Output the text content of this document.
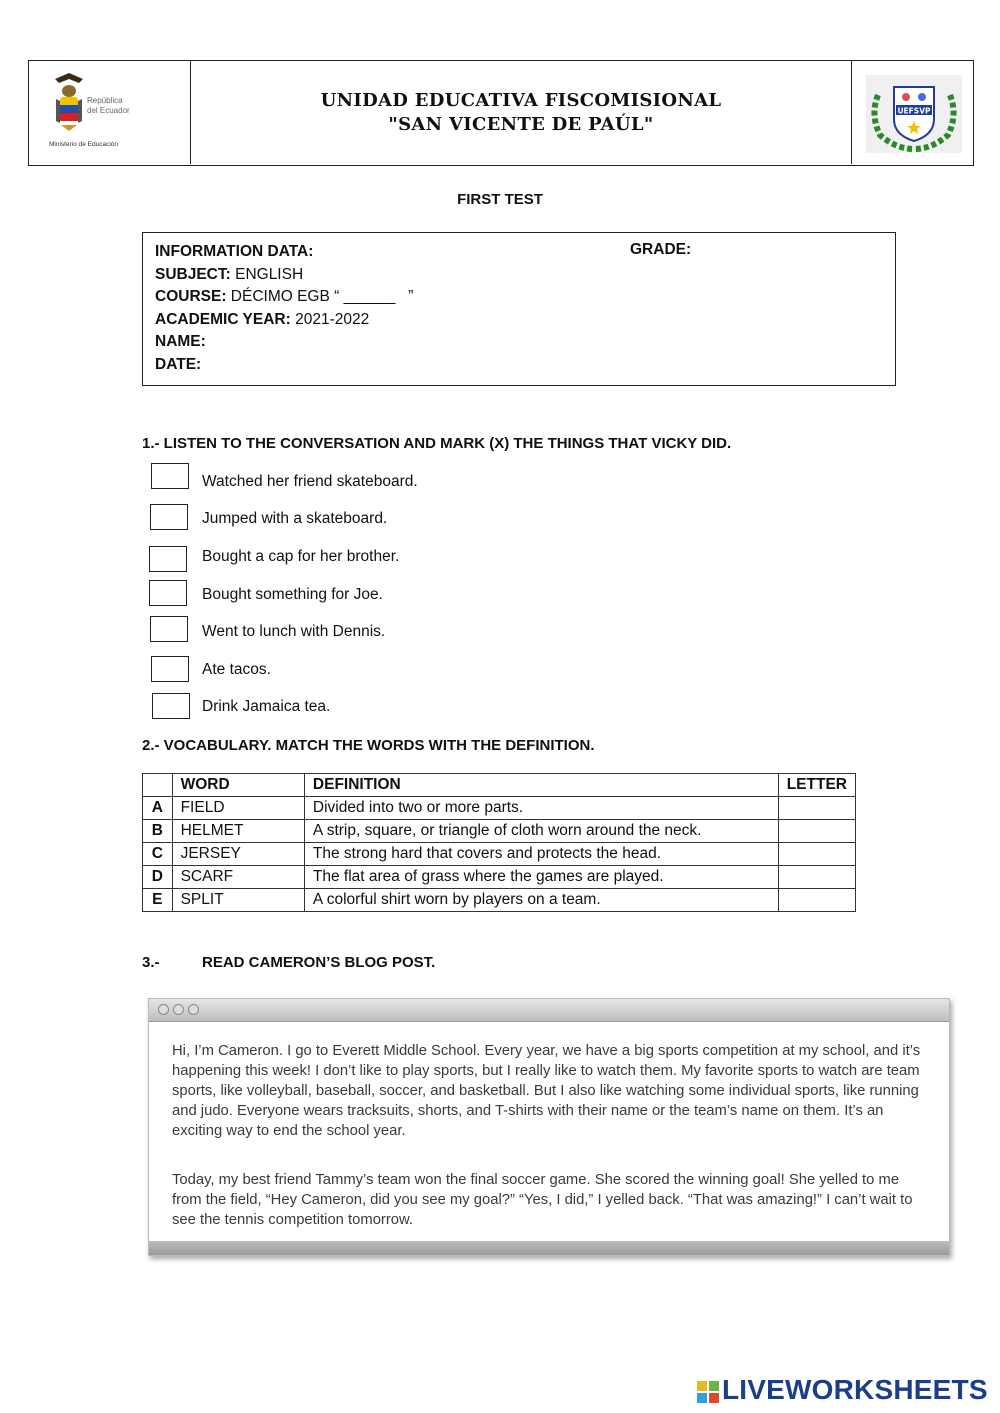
República
del Ecuador
Ministerio de Educación
UNIDAD EDUCATIVA FISCOMISIONAL
"SAN VICENTE DE PAÚL"
UEFSVP
FIRST TEST
INFORMATION DATA:	GRADE:
SUBJECT: ENGLISH
COURSE: DÉCIMO EGB “ ______   ”
ACADEMIC YEAR: 2021-2022
NAME:
DATE:
1.- LISTEN TO THE CONVERSATION AND MARK (X) THE THINGS THAT VICKY DID.
Watched her friend skateboard.
Jumped with a skateboard.
Bought a cap for her brother.
Bought something for Joe.
Went to lunch with Dennis.
Ate tacos.
Drink Jamaica tea.
2.- VOCABULARY. MATCH THE WORDS WITH THE DEFINITION.
	WORD	DEFINITION	LETTER
A	FIELD	Divided into two or more parts.	
B	HELMET	A strip, square, or triangle of cloth worn around the neck.	
C	JERSEY	The strong hard that covers and protects the head.	
D	SCARF	The flat area of grass where the games are played.	
E	SPLIT	A colorful shirt worn by players on a team.	
3.-	READ CAMERON’S BLOG POST.
Hi, I’m Cameron. I go to Everett Middle School. Every year, we have a big sports competition at my school, and it’s happening this week! I don’t like to play sports, but I really like to watch them. My favorite sports to watch are team sports, like volleyball, baseball, soccer, and basketball. But I also like watching some individual sports, like running and judo. Everyone wears tracksuits, shorts, and T-shirts with their name or the team’s name on them. It’s an exciting way to end the school year.
Today, my best friend Tammy’s team won the final soccer game. She scored the winning goal! She yelled to me from the field, “Hey Cameron, did you see my goal?” “Yes, I did,” I yelled back. “That was amazing!” I can’t wait to see the tennis competition tomorrow.
LIVEWORKSHEETS
